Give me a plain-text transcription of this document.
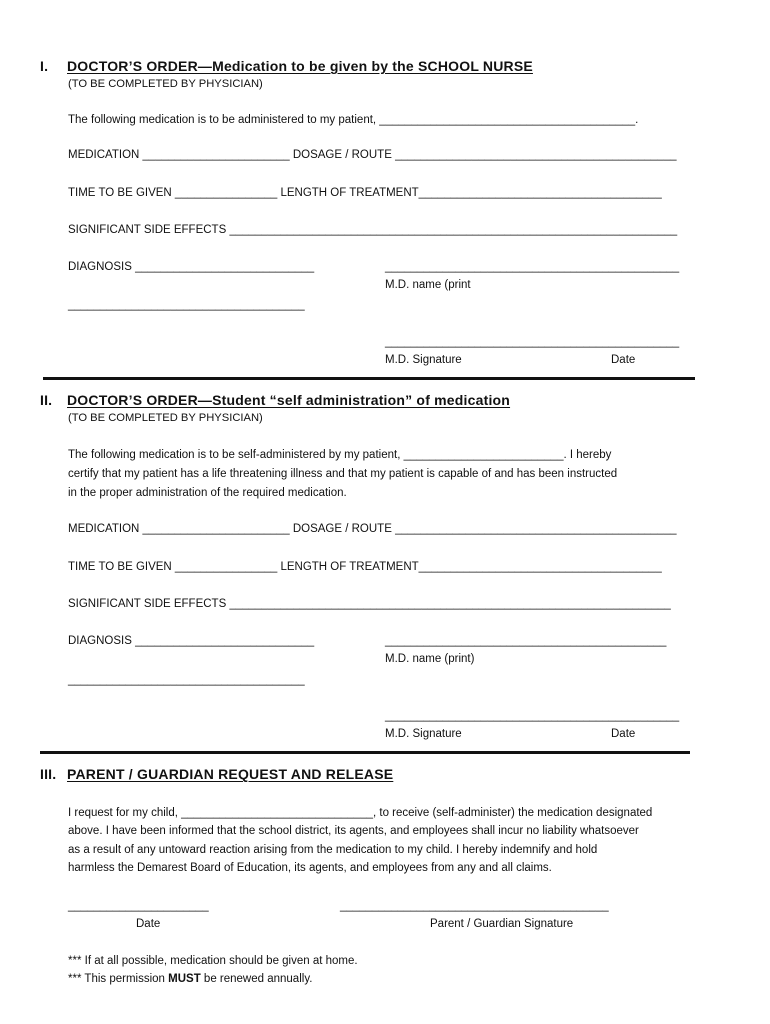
I. DOCTOR’S ORDER—Medication to be given by the SCHOOL NURSE
(TO BE COMPLETED BY PHYSICIAN)
The following medication is to be administered to my patient, ________________________________________.
MEDICATION _______________________ DOSAGE / ROUTE ____________________________________________
TIME TO BE GIVEN ________________ LENGTH OF TREATMENT______________________________________
SIGNIFICANT SIDE EFFECTS ______________________________________________________________________
DIAGNOSIS ____________________________	______________________________________________
M.D. name (print
_____________________________________
______________________________________________
M.D. Signature	Date
II. DOCTOR’S ORDER—Student “self administration” of medication
(TO BE COMPLETED BY PHYSICIAN)
The following medication is to be self-administered by my patient, _________________________. I hereby
certify that my patient has a life threatening illness and that my patient is capable of and has been instructed
in the proper administration of the required medication.
MEDICATION _______________________ DOSAGE / ROUTE ____________________________________________
TIME TO BE GIVEN ________________ LENGTH OF TREATMENT______________________________________
SIGNIFICANT SIDE EFFECTS _____________________________________________________________________
DIAGNOSIS ____________________________	____________________________________________
M.D. name (print)
_____________________________________
______________________________________________
M.D. Signature	Date
III. PARENT / GUARDIAN REQUEST AND RELEASE
I request for my child, ______________________________, to receive (self-administer) the medication designated
above. I have been informed that the school district, its agents, and employees shall incur no liability whatsoever
as a result of any untoward reaction arising from the medication to my child. I hereby indemnify and hold
harmless the Demarest Board of Education, its agents, and employees from any and all claims.
______________________
Date
__________________________________________
Parent / Guardian Signature
*** If at all possible, medication should be given at home.
*** This permission MUST be renewed annually.
